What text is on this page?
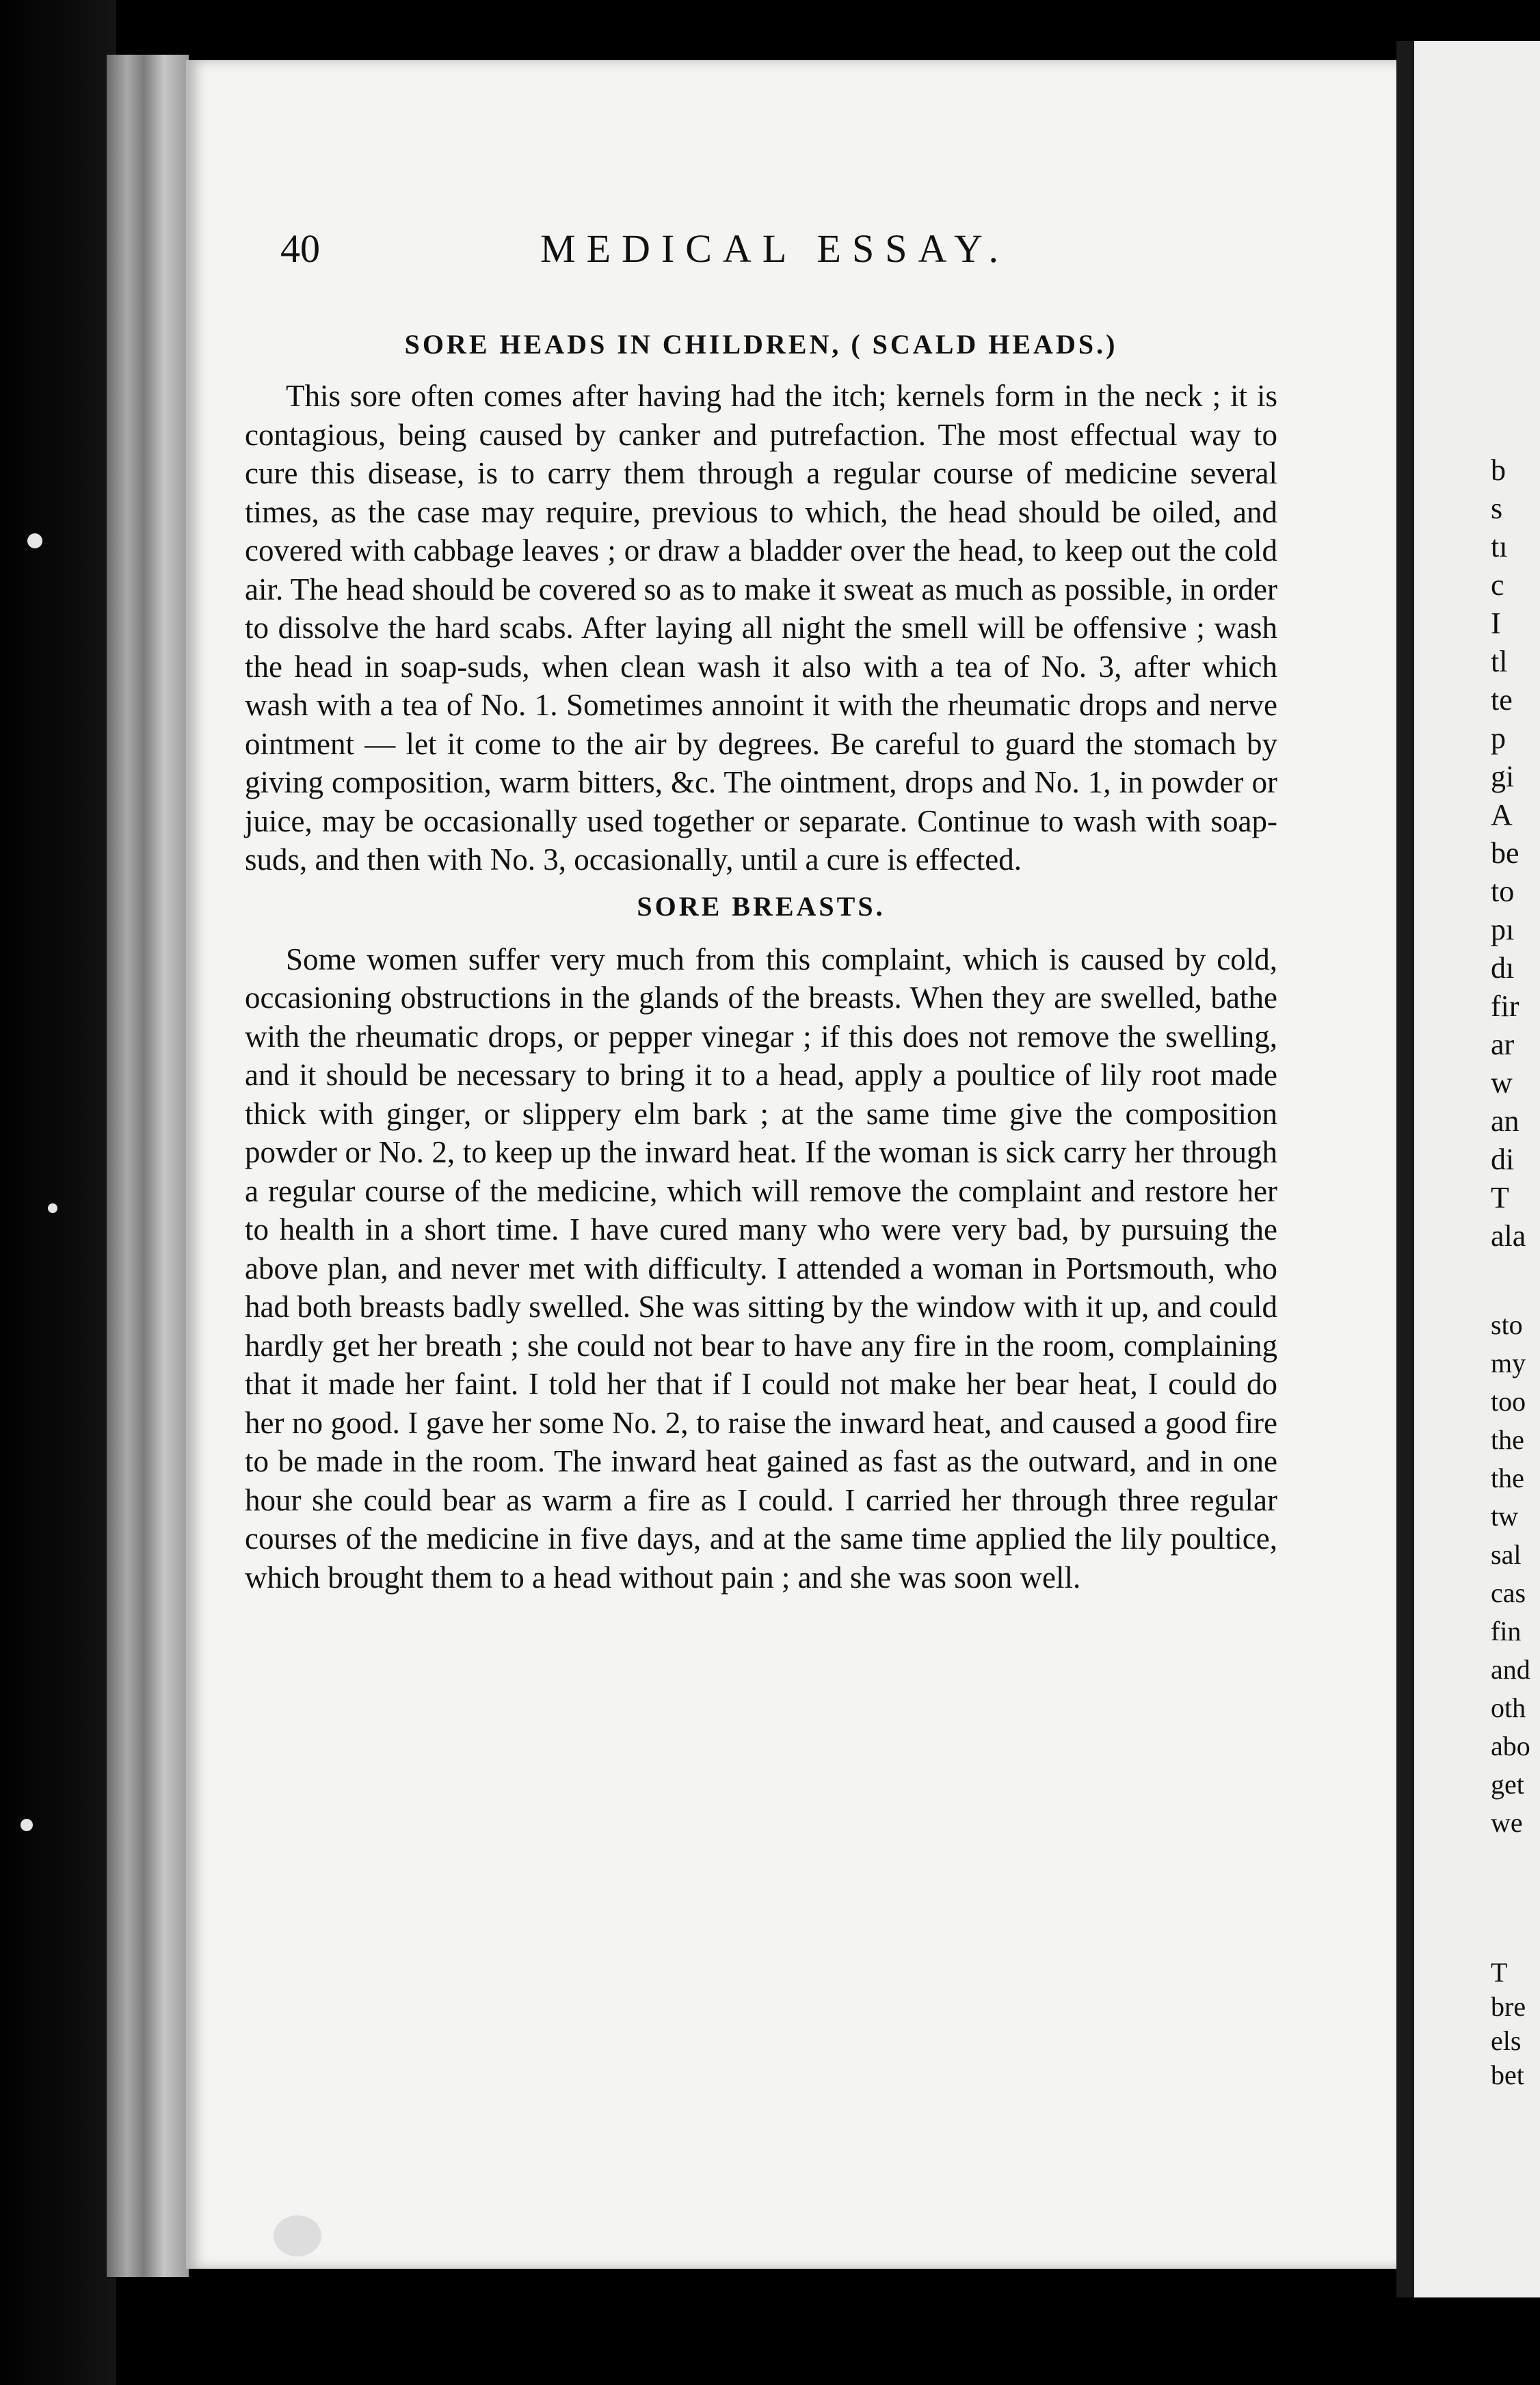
40	MEDICAL ESSAY.
SORE HEADS IN CHILDREN, ( SCALD HEADS.)

This sore often comes after having had the itch; kernels form in the neck ; it is contagious, being caused by canker and putrefaction. The most effectual way to cure this disease, is to carry them through a regular course of medicine several times, as the case may require, previous to which, the head should be oiled, and covered with cabbage leaves ; or draw a bladder over the head, to keep out the cold air. The head should be covered so as to make it sweat as much as possible, in order to dissolve the hard scabs. After laying all night the smell will be offensive ; wash the head in soap-suds, when clean wash it also with a tea of No. 3, after which wash with a tea of No. 1. Sometimes annoint it with the rheumatic drops and nerve ointment — let it come to the air by degrees. Be careful to guard the stomach by giving composition, warm bitters, &c. The ointment, drops and No. 1, in powder or juice, may be occasionally used together or separate. Continue to wash with soap-suds, and then with No. 3, occasionally, until a cure is effected.

SORE BREASTS.

Some women suffer very much from this complaint, which is caused by cold, occasioning obstructions in the glands of the breasts. When they are swelled, bathe with the rheumatic drops, or pepper vinegar ; if this does not remove the swelling, and it should be necessary to bring it to a head, apply a poultice of lily root made thick with ginger, or slippery elm bark ; at the same time give the composition powder or No. 2, to keep up the inward heat. If the woman is sick carry her through a regular course of the medicine, which will remove the complaint and restore her to health in a short time. I have cured many who were very bad, by pursuing the above plan, and never met with difficulty. I attended a woman in Portsmouth, who had both breasts badly swelled. She was sitting by the window with it up, and could hardly get her breath ; she could not bear to have any fire in the room, complaining that it made her faint. I told her that if I could not make her bear heat, I could do her no good. I gave her some No. 2, to raise the inward heat, and caused a good fire to be made in the room. The inward heat gained as fast as the outward, and in one hour she could bear as warm a fire as I could. I carried her through three regular courses of the medicine in five days, and at the same time applied the lily poultice, which brought them to a head without pain ; and she was soon well.

b
s
tı
c
I
tl
te
p
gi
A
be
to
pı
dı
fir
ar
w
an
di
T
ala
sto
my
too
the
the
tw
sal
cas
fin
and
oth
abo
get
we
T
bre
els
bet
